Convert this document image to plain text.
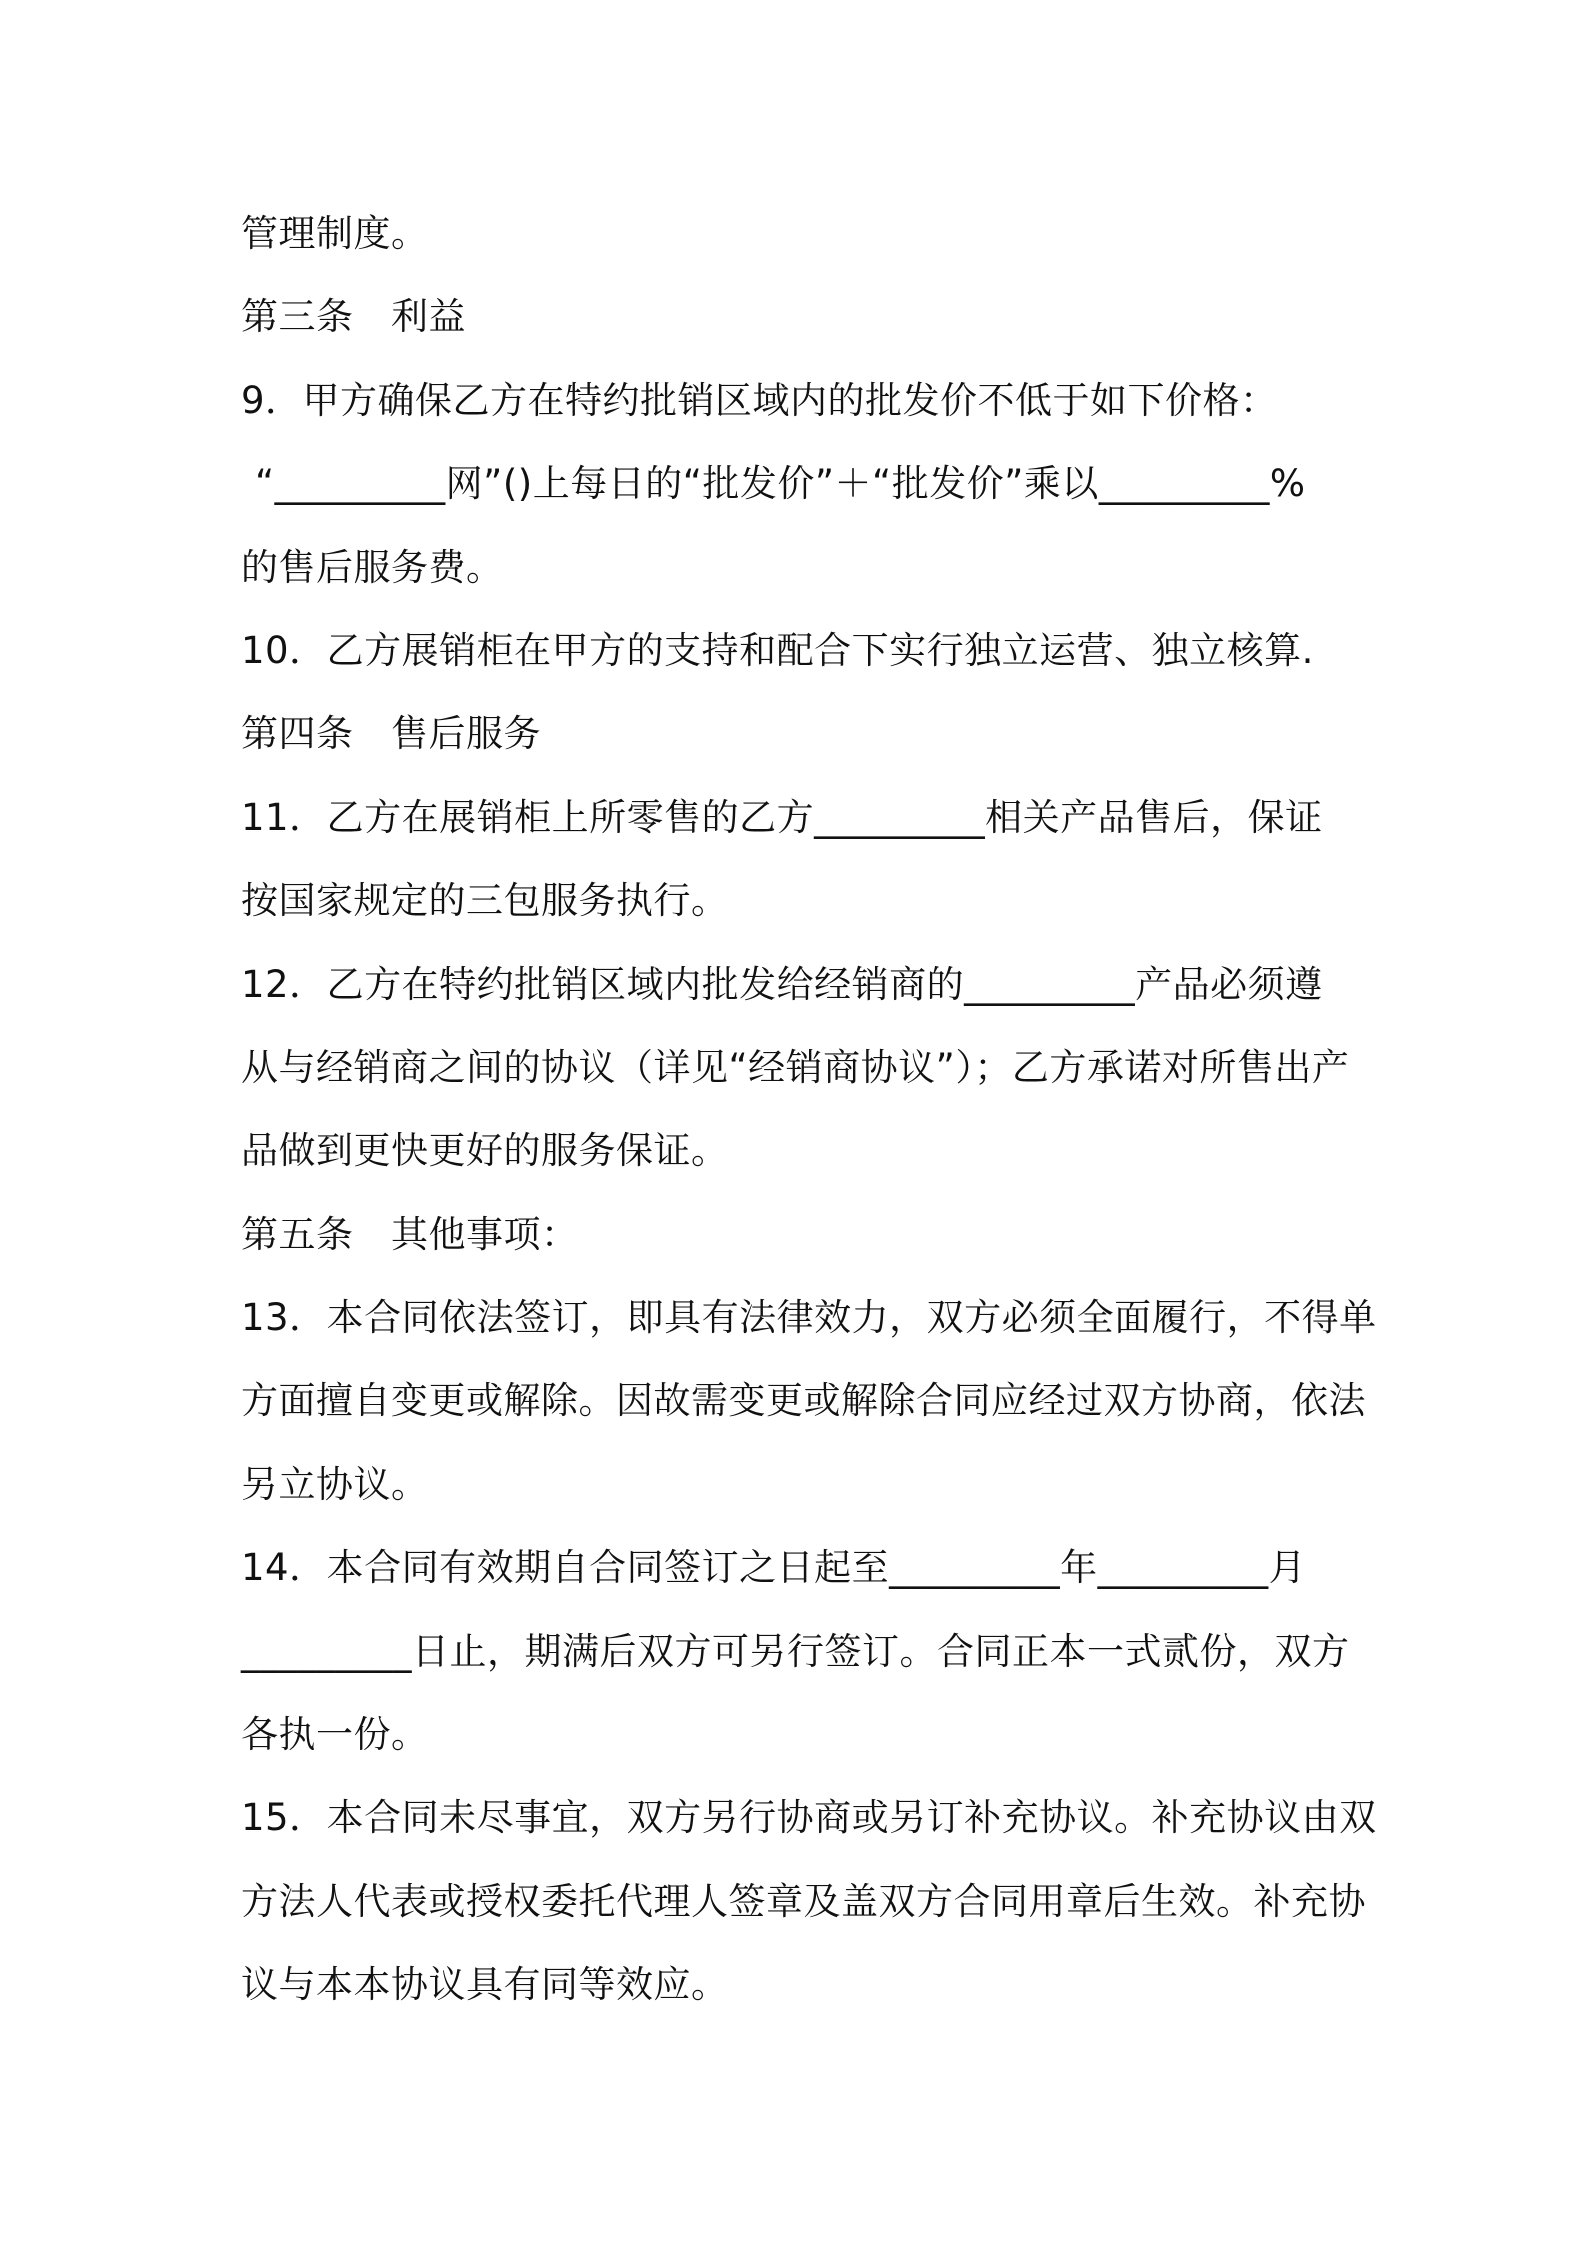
管理制度。
第三条　利益
9．甲方确保乙方在特约批销区域内的批发价不低于如下价格：
“_________网”()上每日的“批发价”＋“批发价”乘以_________%
的售后服务费。
10．乙方展销柜在甲方的支持和配合下实行独立运营、独立核算.
第四条　售后服务
11．乙方在展销柜上所零售的乙方_________相关产品售后，保证
按国家规定的三包服务执行。
12．乙方在特约批销区域内批发给经销商的_________产品必须遵
从与经销商之间的协议（详见“经销商协议”）；乙方承诺对所售出产
品做到更快更好的服务保证。
第五条　其他事项：
13．本合同依法签订，即具有法律效力，双方必须全面履行，不得单
方面擅自变更或解除。因故需变更或解除合同应经过双方协商，依法
另立协议。
14．本合同有效期自合同签订之日起至_________年_________月
_________日止，期满后双方可另行签订。合同正本一式贰份，双方
各执一份。
15．本合同未尽事宜，双方另行协商或另订补充协议。补充协议由双
方法人代表或授权委托代理人签章及盖双方合同用章后生效。补充协
议与本本协议具有同等效应。
